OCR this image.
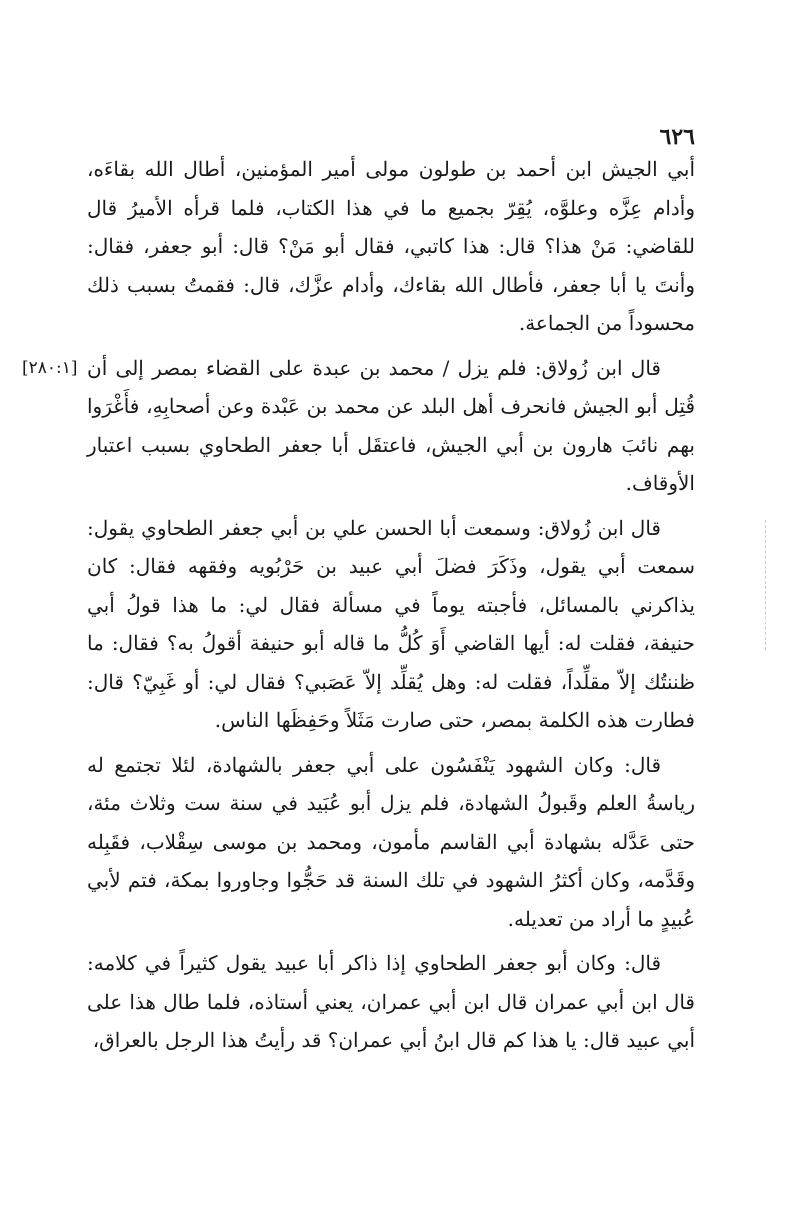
٦٢٦
[٢٨٠:١]

أبي الجيش ابن أحمد بن طولون مولى أمير المؤمنين، أطال الله بقاءَه، وأدام عِزَّه وعلوَّه، يُقِرّ بجميع ما في هذا الكتاب، فلما قرأه الأميرُ قال للقاضي: مَنْ هذا؟ قال: هذا كاتبي، فقال أبو مَنْ؟ قال: أبو جعفر، فقال: وأنتَ يا أبا جعفر، فأطال الله بقاءك، وأدام عزَّك، قال: فقمتُ بسبب ذلك محسوداً من الجماعة.

قال ابن زُولاق: فلم يزل / محمد بن عبدة على القضاء بمصر إلى أن قُتِل أبو الجيش فانحرف أهل البلد عن محمد بن عَبْدة وعن أصحابِهِ، فأَغْرَوا بهم نائبَ هارون بن أبي الجيش، فاعتقَل أبا جعفر الطحاوي بسبب اعتبار الأوقاف.

قال ابن زُولاق: وسمعت أبا الحسن علي بن أبي جعفر الطحاوي يقول: سمعت أبي يقول، وذَكَرَ فضلَ أبي عبيد بن حَرْبُويه وفقهه فقال: كان يذاكرني بالمسائل، فأجبته يوماً في مسألة فقال لي: ما هذا قولُ أبي حنيفة، فقلت له: أيها القاضي أَوَ كُلُّ ما قاله أبو حنيفة أقولُ به؟ فقال: ما ظننتُك إلاّ مقلِّداً، فقلت له: وهل يُقلِّد إلاّ عَصَبي؟ فقال لي: أو غَبِيّ؟ قال: فطارت هذه الكلمة بمصر، حتى صارت مَثَلاً وحَفِظَها الناس.

قال: وكان الشهود يَنْفَسُون على أبي جعفر بالشهادة، لئلا تجتمع له رياسةُ العلم وقَبولُ الشهادة، فلم يزل أبو عُبَيد في سنة ست وثلاث مئة، حتى عَدَّله بشهادة أبي القاسم مأمون، ومحمد بن موسى سِقْلاب، فقَبِله وقَدَّمه، وكان أكثرُ الشهود في تلك السنة قد حَجُّوا وجاوروا بمكة، فتم لأبي عُبيدٍ ما أراد من تعديله.

قال: وكان أبو جعفر الطحاوي إذا ذاكر أبا عبيد يقول كثيراً في كلامه: قال ابن أبي عمران قال ابن أبي عمران، يعني أستاذه، فلما طال هذا على أبي عبيد قال: يا هذا كم قال ابنُ أبي عمران؟ قد رأيتُ هذا الرجل بالعراق،
